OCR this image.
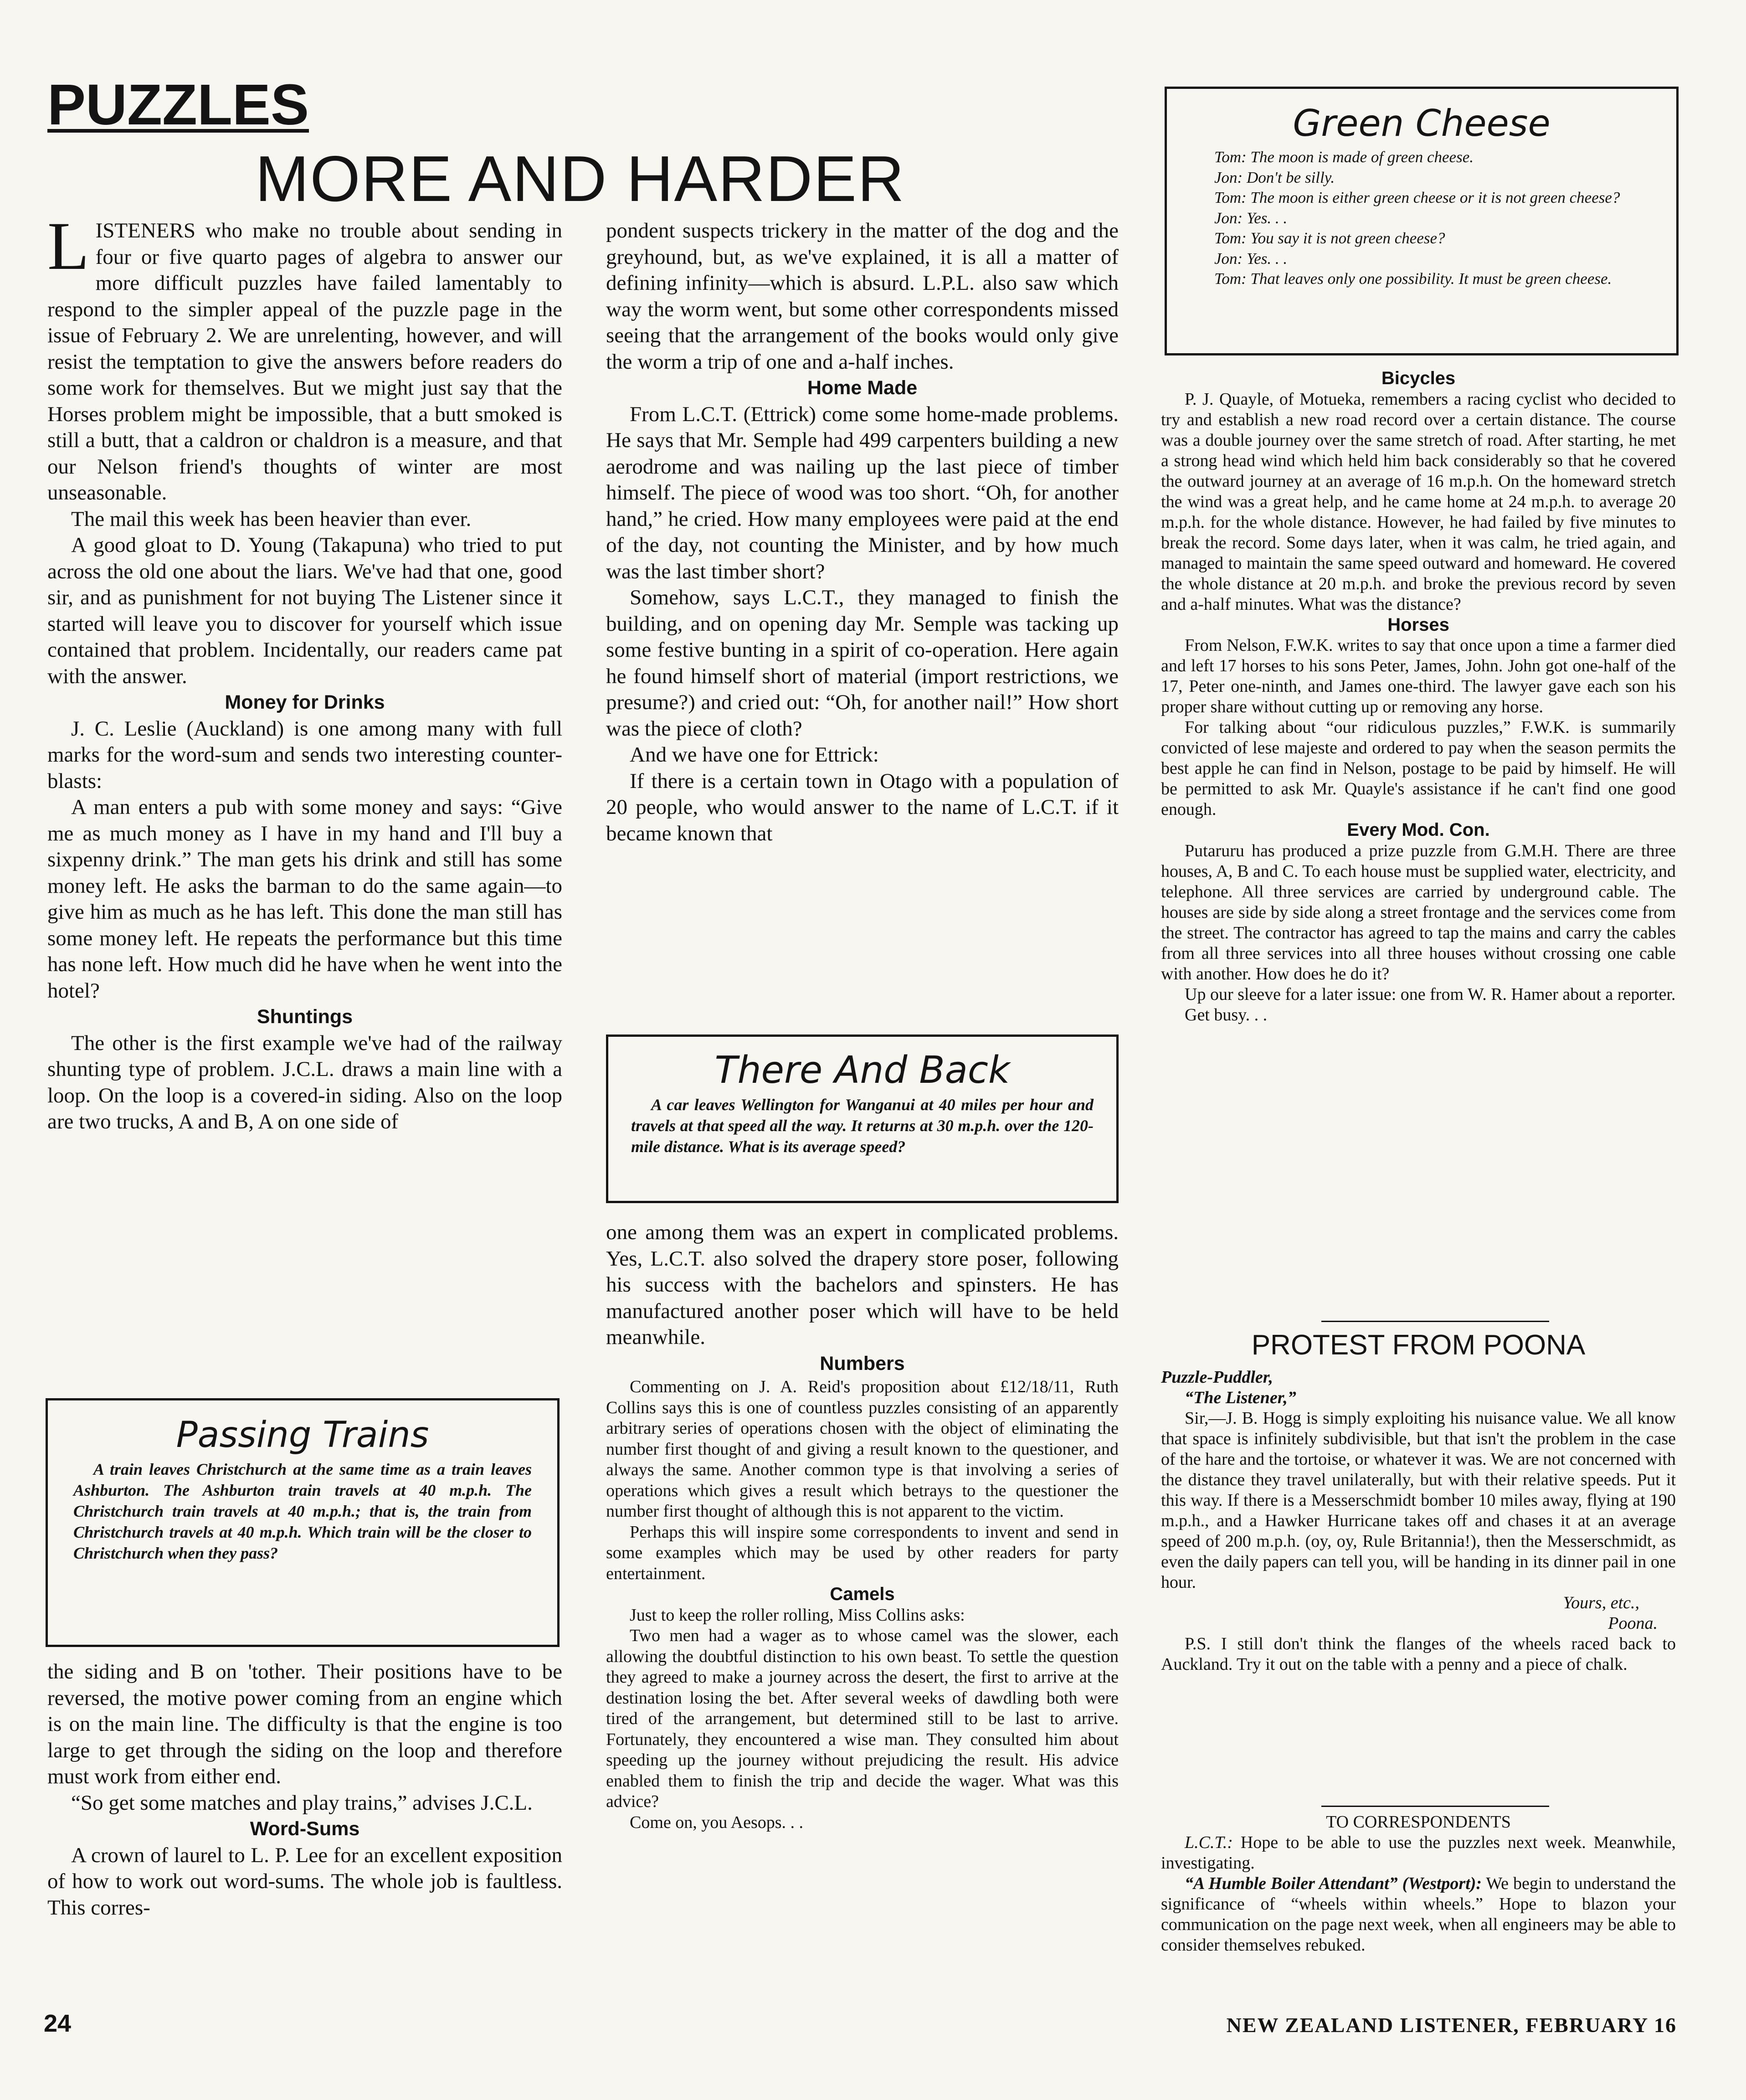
PUZZLES
MORE AND HARDER

LISTENERS who make no trouble about sending in four or five quarto pages of algebra to answer our more difficult puzzles have failed lamentably to respond to the simpler appeal of the puzzle page in the issue of February 2. We are unrelenting, however, and will resist the temptation to give the answers before readers do some work for themselves. But we might just say that the Horses problem might be impossible, that a butt smoked is still a butt, that a caldron or chaldron is a measure, and that our Nelson friend's thoughts of winter are most unseasonable.

The mail this week has been heavier than ever.

A good gloat to D. Young (Takapuna) who tried to put across the old one about the liars. We've had that one, good sir, and as punishment for not buying The Listener since it started will leave you to discover for yourself which issue contained that problem. Incidentally, our readers came pat with the answer.

Money for Drinks

J. C. Leslie (Auckland) is one among many with full marks for the word-sum and sends two interesting counter-blasts:

A man enters a pub with some money and says: “Give me as much money as I have in my hand and I'll buy a sixpenny drink.” The man gets his drink and still has some money left. He asks the barman to do the same again—to give him as much as he has left. This done the man still has some money left. He repeats the performance but this time has none left. How much did he have when he went into the hotel?

Shuntings

The other is the first example we've had of the railway shunting type of problem. J.C.L. draws a main line with a loop. On the loop is a covered-in siding. Also on the loop are two trucks, A and B, A on one side of

Passing Trains

A train leaves Christchurch at the same time as a train leaves Ashburton. The Ashburton train travels at 40 m.p.h. The Christchurch train travels at 40 m.p.h.; that is, the train from Christchurch travels at 40 m.p.h. Which train will be the closer to Christchurch when they pass?

the siding and B on 'tother. Their positions have to be reversed, the motive power coming from an engine which is on the main line. The difficulty is that the engine is too large to get through the siding on the loop and therefore must work from either end.

“So get some matches and play trains,” advises J.C.L.

Word-Sums

A crown of laurel to L. P. Lee for an excellent exposition of how to work out word-sums. The whole job is faultless. This corres-

pondent suspects trickery in the matter of the dog and the greyhound, but, as we've explained, it is all a matter of defining infinity—which is absurd. L.P.L. also saw which way the worm went, but some other correspondents missed seeing that the arrangement of the books would only give the worm a trip of one and a-half inches.

Home Made

From L.C.T. (Ettrick) come some home-made problems. He says that Mr. Semple had 499 carpenters building a new aerodrome and was nailing up the last piece of timber himself. The piece of wood was too short. “Oh, for another hand,” he cried. How many employees were paid at the end of the day, not counting the Minister, and by how much was the last timber short?

Somehow, says L.C.T., they managed to finish the building, and on opening day Mr. Semple was tacking up some festive bunting in a spirit of co-operation. Here again he found himself short of material (import restrictions, we presume?) and cried out: “Oh, for another nail!” How short was the piece of cloth?

And we have one for Ettrick:

If there is a certain town in Otago with a population of 20 people, who would answer to the name of L.C.T. if it became known that

There And Back

A car leaves Wellington for Wanganui at 40 miles per hour and travels at that speed all the way. It returns at 30 m.p.h. over the 120-mile distance. What is its average speed?

one among them was an expert in complicated problems. Yes, L.C.T. also solved the drapery store poser, following his success with the bachelors and spinsters. He has manufactured another poser which will have to be held meanwhile.

Numbers

Commenting on J. A. Reid's proposition about £12/18/11, Ruth Collins says this is one of countless puzzles consisting of an apparently arbitrary series of operations chosen with the object of eliminating the number first thought of and giving a result known to the questioner, and always the same. Another common type is that involving a series of operations which gives a result which betrays to the questioner the number first thought of although this is not apparent to the victim.

Perhaps this will inspire some correspondents to invent and send in some examples which may be used by other readers for party entertainment.

Camels

Just to keep the roller rolling, Miss Collins asks:

Two men had a wager as to whose camel was the slower, each allowing the doubtful distinction to his own beast. To settle the question they agreed to make a journey across the desert, the first to arrive at the destination losing the bet. After several weeks of dawdling both were tired of the arrangement, but determined still to be last to arrive. Fortunately, they encountered a wise man. They consulted him about speeding up the journey without prejudicing the result. His advice enabled them to finish the trip and decide the wager. What was this advice?

Come on, you Aesops. . .

Green Cheese

Tom: The moon is made of green cheese.

Jon: Don't be silly.

Tom: The moon is either green cheese or it is not green cheese?

Jon: Yes. . .

Tom: You say it is not green cheese?

Jon: Yes. . .

Tom: That leaves only one possibility. It must be green cheese.

Bicycles

P. J. Quayle, of Motueka, remembers a racing cyclist who decided to try and establish a new road record over a certain distance. The course was a double journey over the same stretch of road. After starting, he met a strong head wind which held him back considerably so that he covered the outward journey at an average of 16 m.p.h. On the homeward stretch the wind was a great help, and he came home at 24 m.p.h. to average 20 m.p.h. for the whole distance. However, he had failed by five minutes to break the record. Some days later, when it was calm, he tried again, and managed to maintain the same speed outward and homeward. He covered the whole distance at 20 m.p.h. and broke the previous record by seven and a-half minutes. What was the distance?

Horses

From Nelson, F.W.K. writes to say that once upon a time a farmer died and left 17 horses to his sons Peter, James, John. John got one-half of the 17, Peter one-ninth, and James one-third. The lawyer gave each son his proper share without cutting up or removing any horse.

For talking about “our ridiculous puzzles,” F.W.K. is summarily convicted of lese majeste and ordered to pay when the season permits the best apple he can find in Nelson, postage to be paid by himself. He will be permitted to ask Mr. Quayle's assistance if he can't find one good enough.

Every Mod. Con.

Putaruru has produced a prize puzzle from G.M.H. There are three houses, A, B and C. To each house must be supplied water, electricity, and telephone. All three services are carried by underground cable. The houses are side by side along a street frontage and the services come from the street. The contractor has agreed to tap the mains and carry the cables from all three services into all three houses without crossing one cable with another. How does he do it?

Up our sleeve for a later issue: one from W. R. Hamer about a reporter.

Get busy. . .

PROTEST FROM POONA

Puzzle-Puddler,

“The Listener,”

Sir,—J. B. Hogg is simply exploiting his nuisance value. We all know that space is infinitely subdivisible, but that isn't the problem in the case of the hare and the tortoise, or whatever it was. We are not concerned with the distance they travel unilaterally, but with their relative speeds. Put it this way. If there is a Messerschmidt bomber 10 miles away, flying at 190 m.p.h., and a Hawker Hurricane takes off and chases it at an average speed of 200 m.p.h. (oy, oy, Rule Britannia!), then the Messerschmidt, as even the daily papers can tell you, will be handing in its dinner pail in one hour.

Yours, etc.,

Poona.

P.S. I still don't think the flanges of the wheels raced back to Auckland. Try it out on the table with a penny and a piece of chalk.

TO CORRESPONDENTS

L.C.T.: Hope to be able to use the puzzles next week. Meanwhile, investigating.

“A Humble Boiler Attendant” (Westport): We begin to understand the significance of “wheels within wheels.” Hope to blazon your communication on the page next week, when all engineers may be able to consider themselves rebuked.

24	NEW ZEALAND LISTENER, FEBRUARY 16
